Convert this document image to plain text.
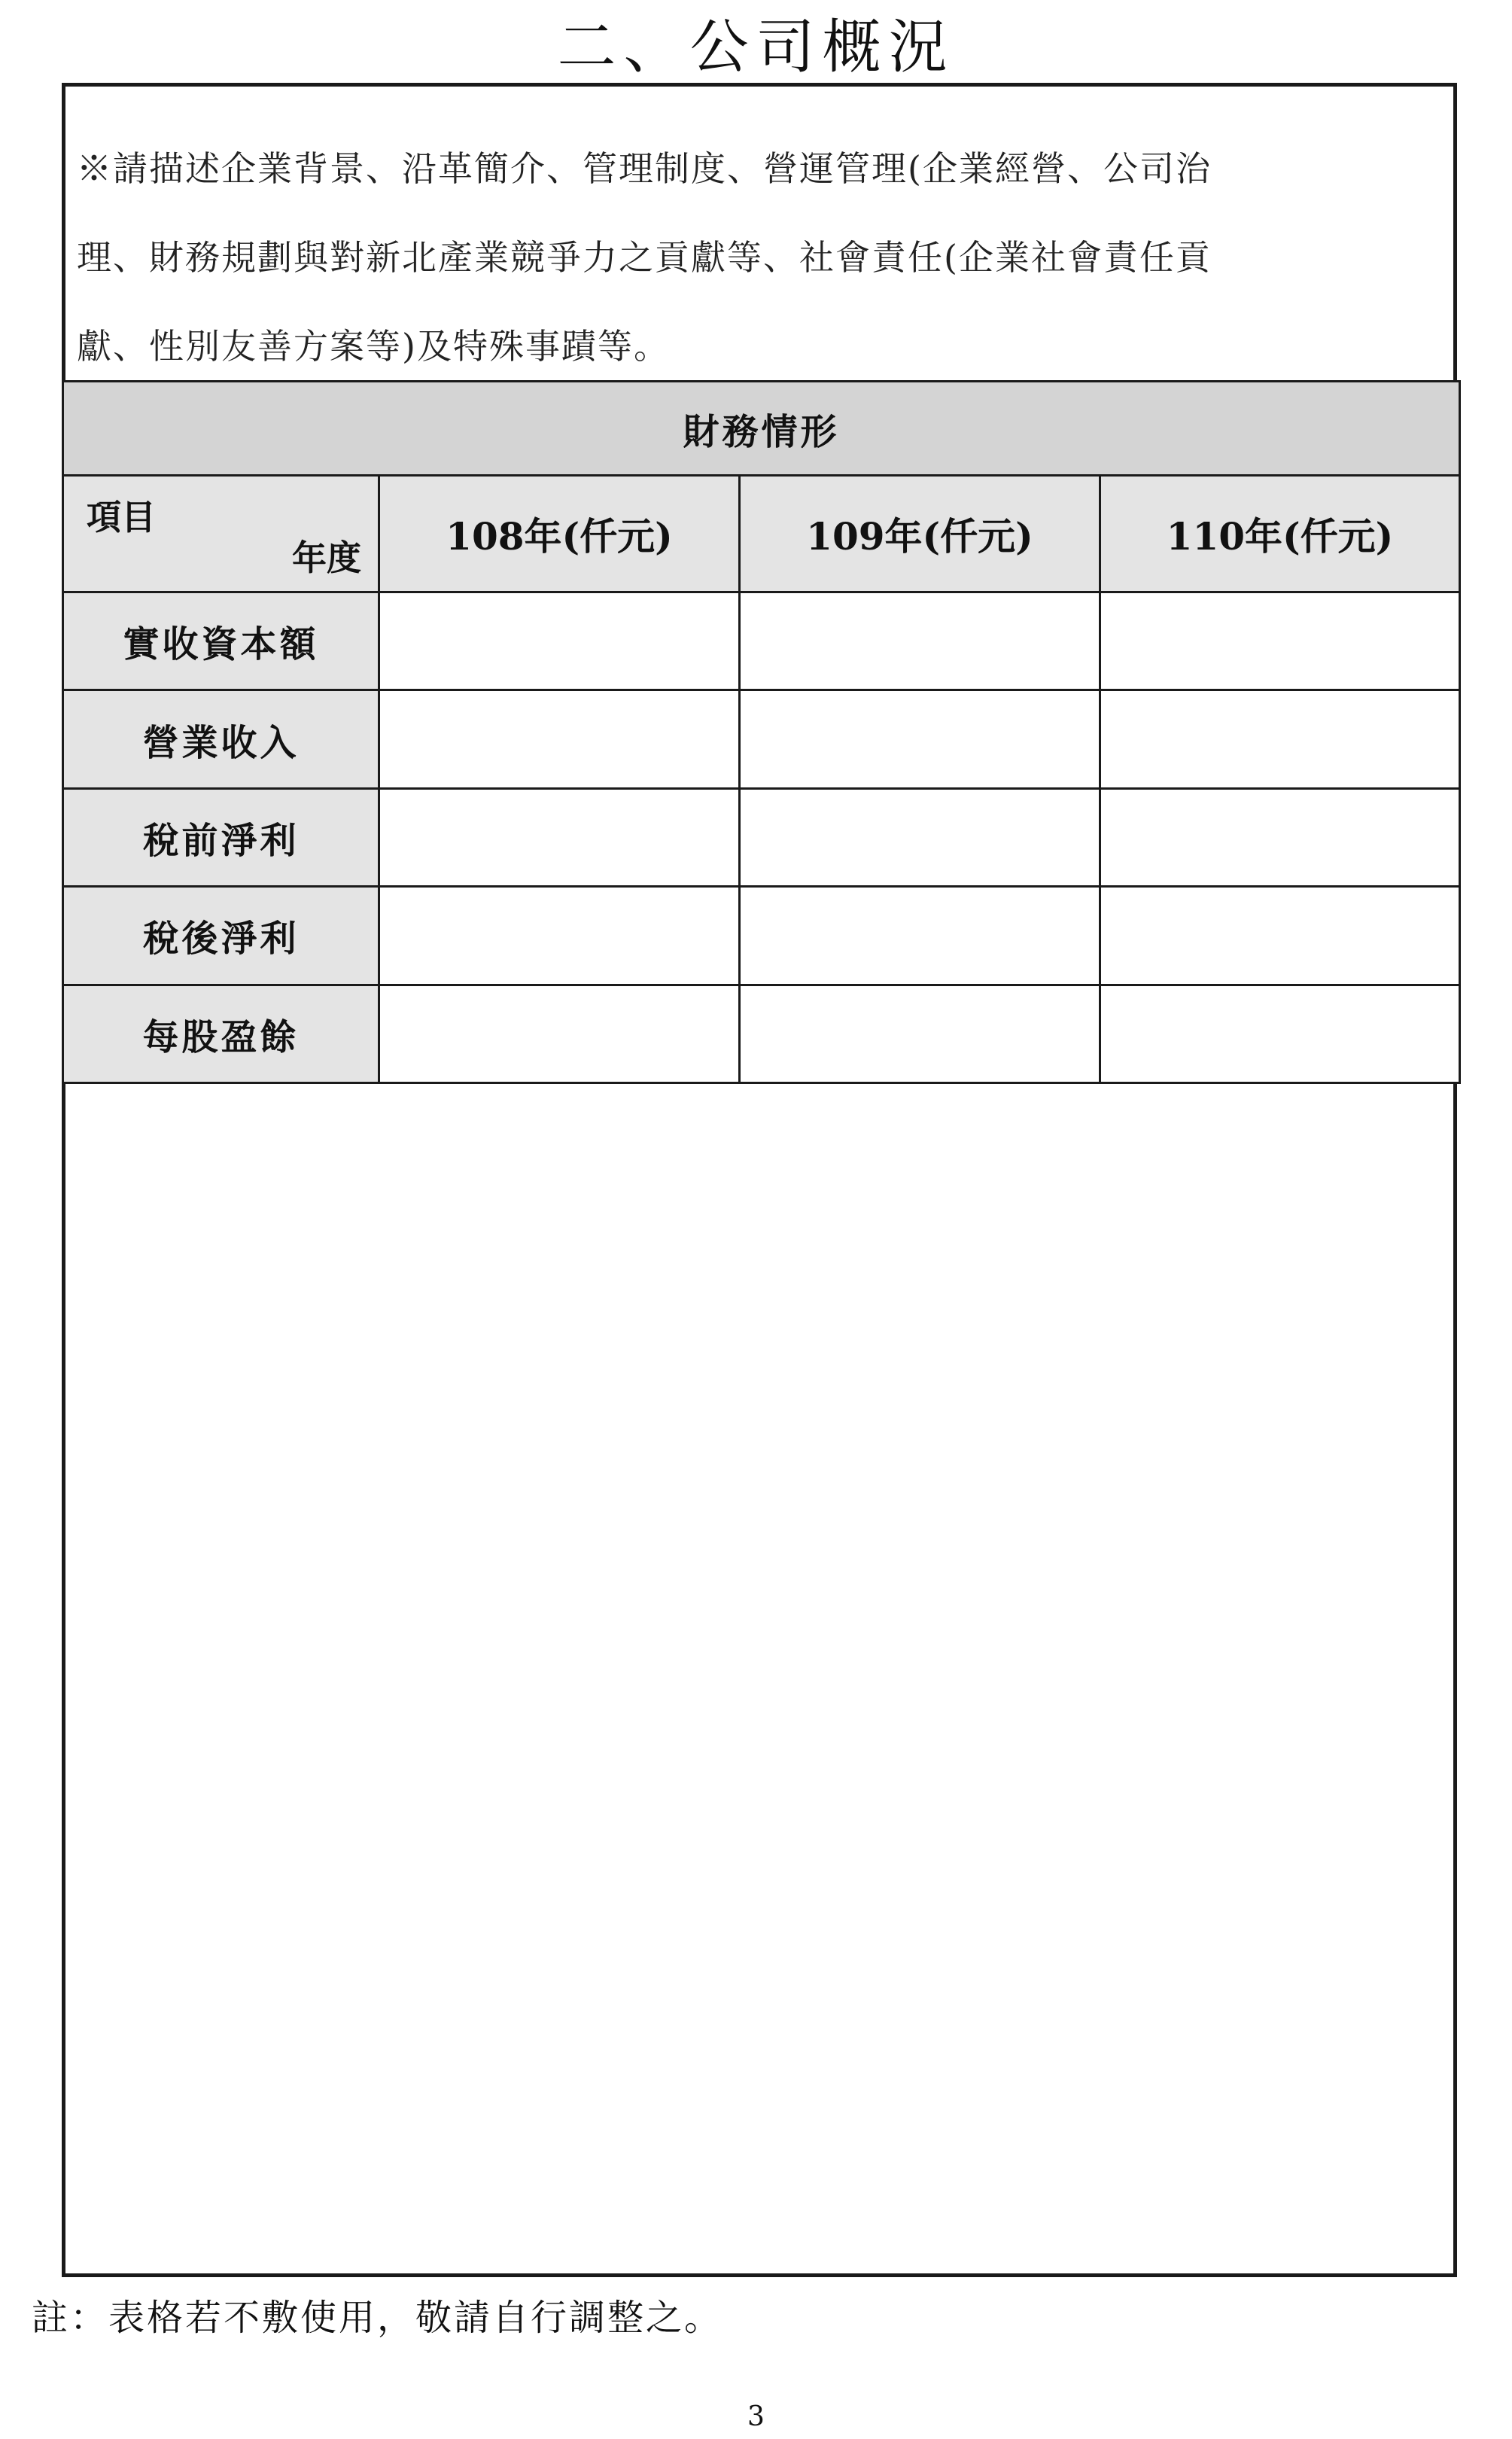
二、公司概況
※請描述企業背景、沿革簡介、管理制度、營運管理(企業經營、公司治
理、財務規劃與對新北產業競爭力之貢獻等、社會責任(企業社會責任貢
獻、性別友善方案等)及特殊事蹟等。
財務情形			

項目
年度	108年(仟元)	109年(仟元)	110年(仟元)
實收資本額			
營業收入			
稅前淨利			
稅後淨利			
每股盈餘			
註：表格若不敷使用，敬請自行調整之。
3
